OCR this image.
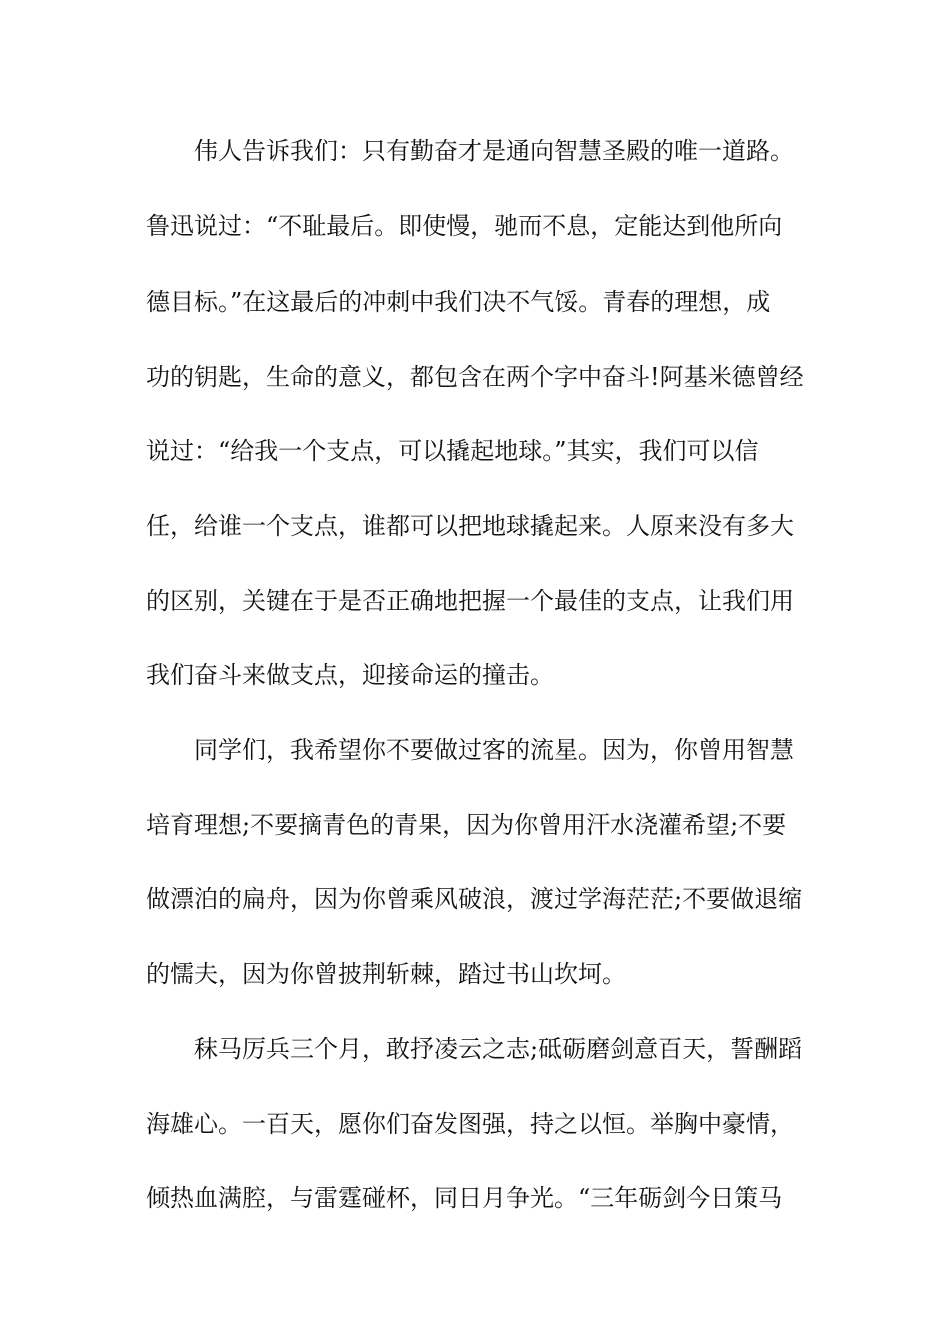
　　伟人告诉我们：只有勤奋才是通向智慧圣殿的唯一道路。
鲁迅说过：“不耻最后。即使慢，驰而不息，定能达到他所向
德目标。”在这最后的冲刺中我们决不气馁。青春的理想，成
功的钥匙，生命的意义，都包含在两个字中奋斗!阿基米德曾经
说过：“给我一个支点，可以撬起地球。”其实，我们可以信
任，给谁一个支点，谁都可以把地球撬起来。人原来没有多大
的区别，关键在于是否正确地把握一个最佳的支点，让我们用
我们奋斗来做支点，迎接命运的撞击。
　　同学们，我希望你不要做过客的流星。因为，你曾用智慧
培育理想;不要摘青色的青果，因为你曾用汗水浇灌希望;不要
做漂泊的扁舟，因为你曾乘风破浪，渡过学海茫茫;不要做退缩
的懦夫，因为你曾披荆斩棘，踏过书山坎坷。
　　秣马厉兵三个月，敢抒凌云之志;砥砺磨剑意百天，誓酬蹈
海雄心。一百天，愿你们奋发图强，持之以恒。举胸中豪情，
倾热血满腔，与雷霆碰杯，同日月争光。“三年砺剑今日策马
